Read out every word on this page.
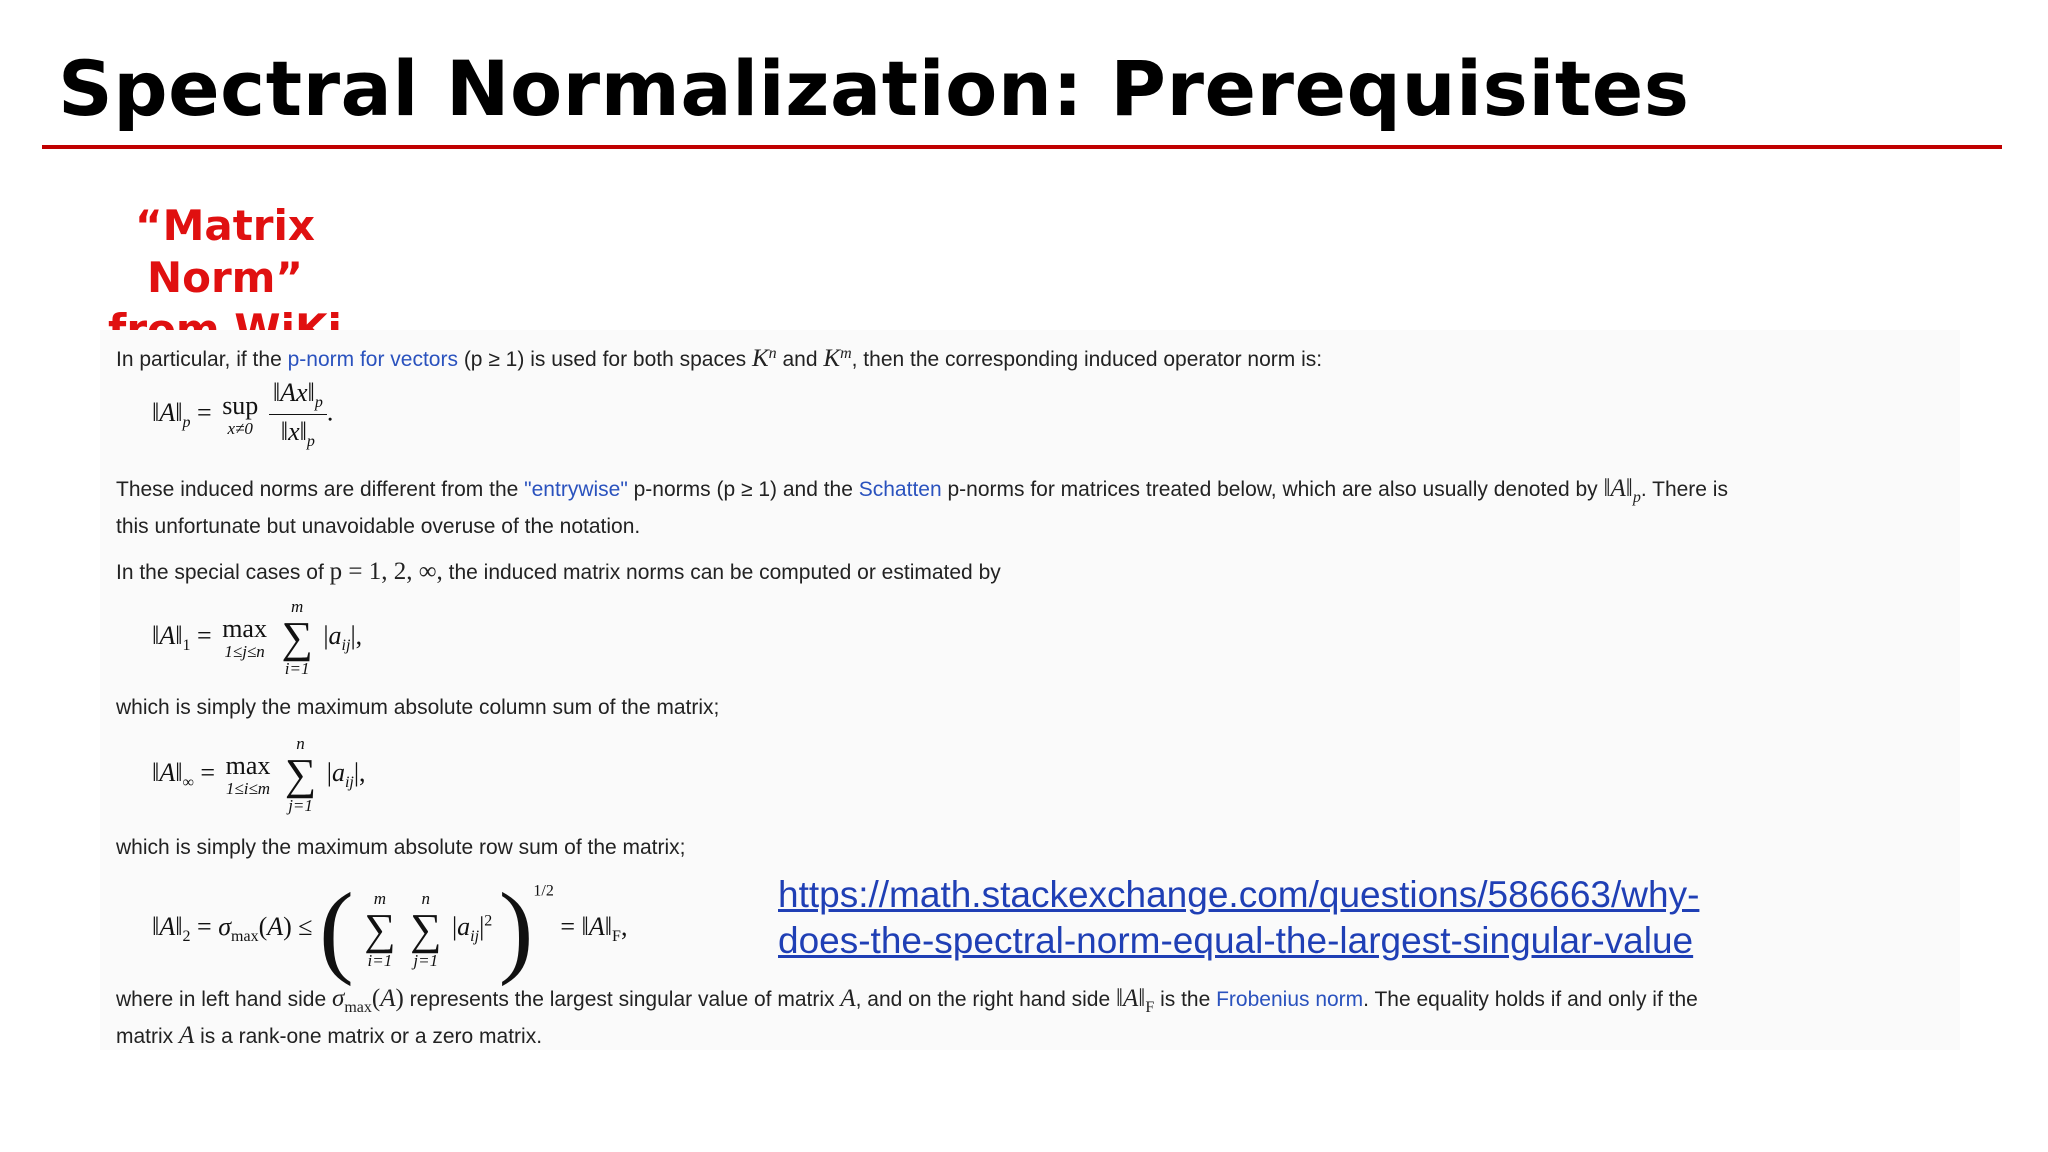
Spectral Normalization: Prerequisites
“Matrix Norm”
In particular, if the p-norm for vectors (p ≥ 1) is used for both spaces $K^n$ and $K^m$, then the corresponding induced operator norm is:
$‖A‖_p$ = sup
x≠0
$\frac{‖Ax‖_p}{‖x‖_p}$ .
These induced norms are different from the "entrywise" p-norms (p ≥ 1) and the Schatten p-norms for matrices treated below, which are also usually denoted by $‖A‖_p$. There is
this unfortunate but unavoidable overuse of the notation.
In the special cases of p = 1, 2, ∞, the induced matrix norms can be computed or estimated by
$‖A‖_1 = \max$
1≤j≤n

m
∑
i=1
$|a_{ij}|$,
which is simply the maximum absolute column sum of the matrix;
$‖A‖_\infty = \max$
1≤i≤m

n
∑
j=1
$|a_{ij}|$,
which is simply the maximum absolute row sum of the matrix;
$‖A‖_2 = \sigma_{max}(A)$ ≤ (	m
∑
i=1

n
∑
j=1
$|a_{ij}|^2$ )$^{1/2} = ‖A‖_F$,
where in left hand side $\sigma_{max}(A)$ represents the largest singular value of matrix A, and on the right hand side $‖A‖_F$ is the Frobenius norm. The equality holds if and only if the
matrix A is a rank-one matrix or a zero matrix.
https://math.stackexchange.com/questions/586663/why-
does-the-spectral-norm-equal-the-largest-singular-value
